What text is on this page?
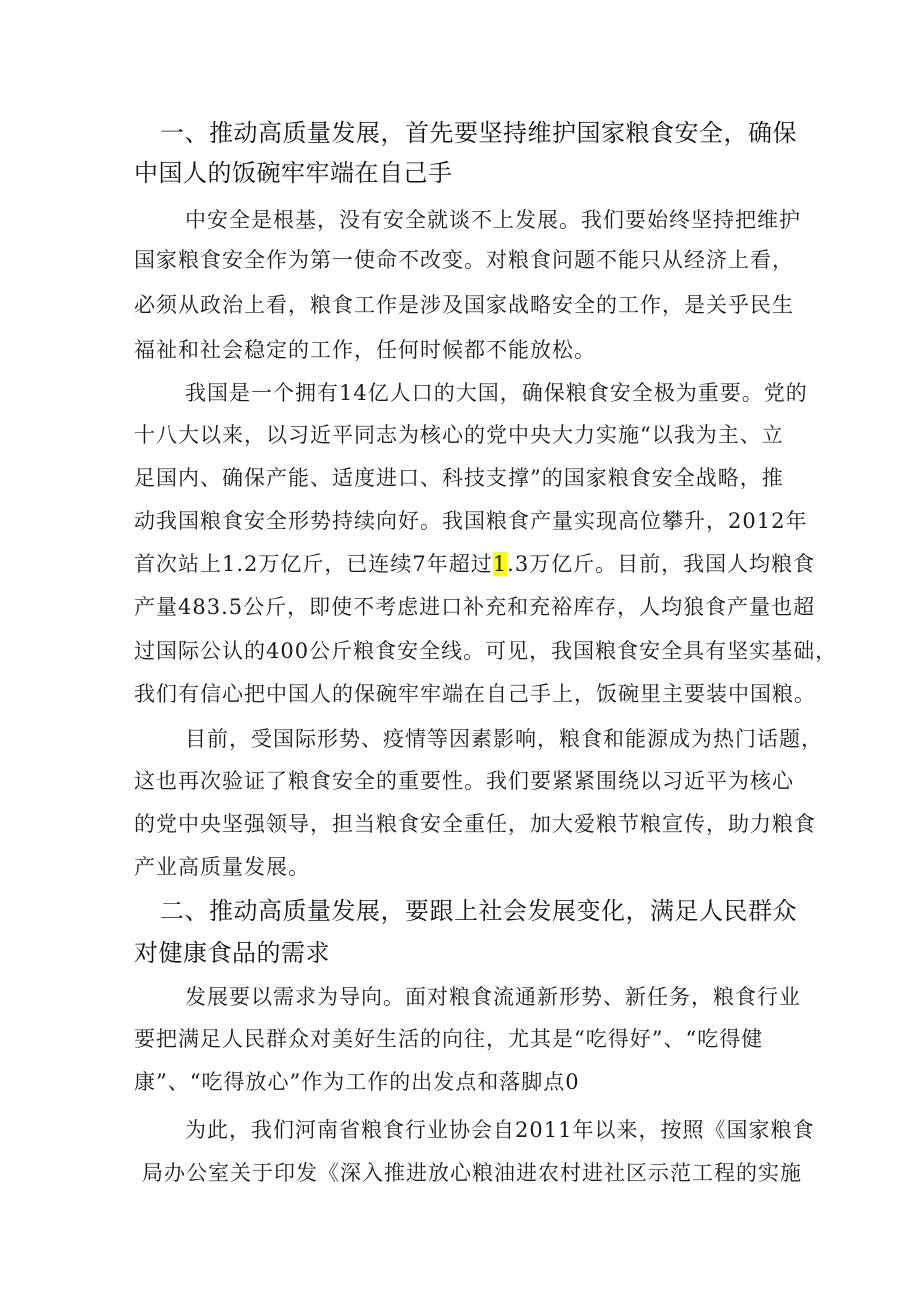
一、推动高质量发展，首先要坚持维护国家粮食安全，确保
中国人的饭碗牢牢端在自己手
中安全是根基，没有安全就谈不上发展。我们要始终坚持把维护
国家粮食安全作为第一使命不改变。对粮食问题不能只从经济上看，
必须从政治上看，粮食工作是涉及国家战略安全的工作，是关乎民生
福祉和社会稳定的工作，任何时候都不能放松。
我国是一个拥有14亿人口的大国，确保粮食安全极为重要。党的
十八大以来，以习近平同志为核心的党中央大力实施“以我为主、立
足国内、确保产能、适度进口、科技支撑”的国家粮食安全战略，推
动我国粮食安全形势持续向好。我国粮食产量实现高位攀升，2012年
首次站上1.2万亿斤，已连续7年超过1.3万亿斤。目前，我国人均粮食
产量483.5公斤，即使不考虑进口补充和充裕库存，人均狼食产量也超
过国际公认的400公斤粮食安全线。可见，我国粮食安全具有坚实基础，
我们有信心把中国人的保碗牢牢端在自己手上，饭碗里主要装中国粮。
目前，受国际形势、疫情等因素影响，粮食和能源成为热门话题，
这也再次验证了粮食安全的重要性。我们要紧紧围绕以习近平为核心
的党中央坚强领导，担当粮食安全重任，加大爱粮节粮宣传，助力粮食
产业高质量发展。
二、推动高质量发展，要跟上社会发展变化，满足人民群众
对健康食品的需求
发展要以需求为导向。面对粮食流通新形势、新任务，粮食行业
要把满足人民群众对美好生活的向往，尤其是“吃得好”、“吃得健
康”、“吃得放心”作为工作的出发点和落脚点0
为此，我们河南省粮食行业协会自2011年以来，按照《国家粮食
局办公室关于印发《深入推进放心粮油进农村进社区示范工程的实施
